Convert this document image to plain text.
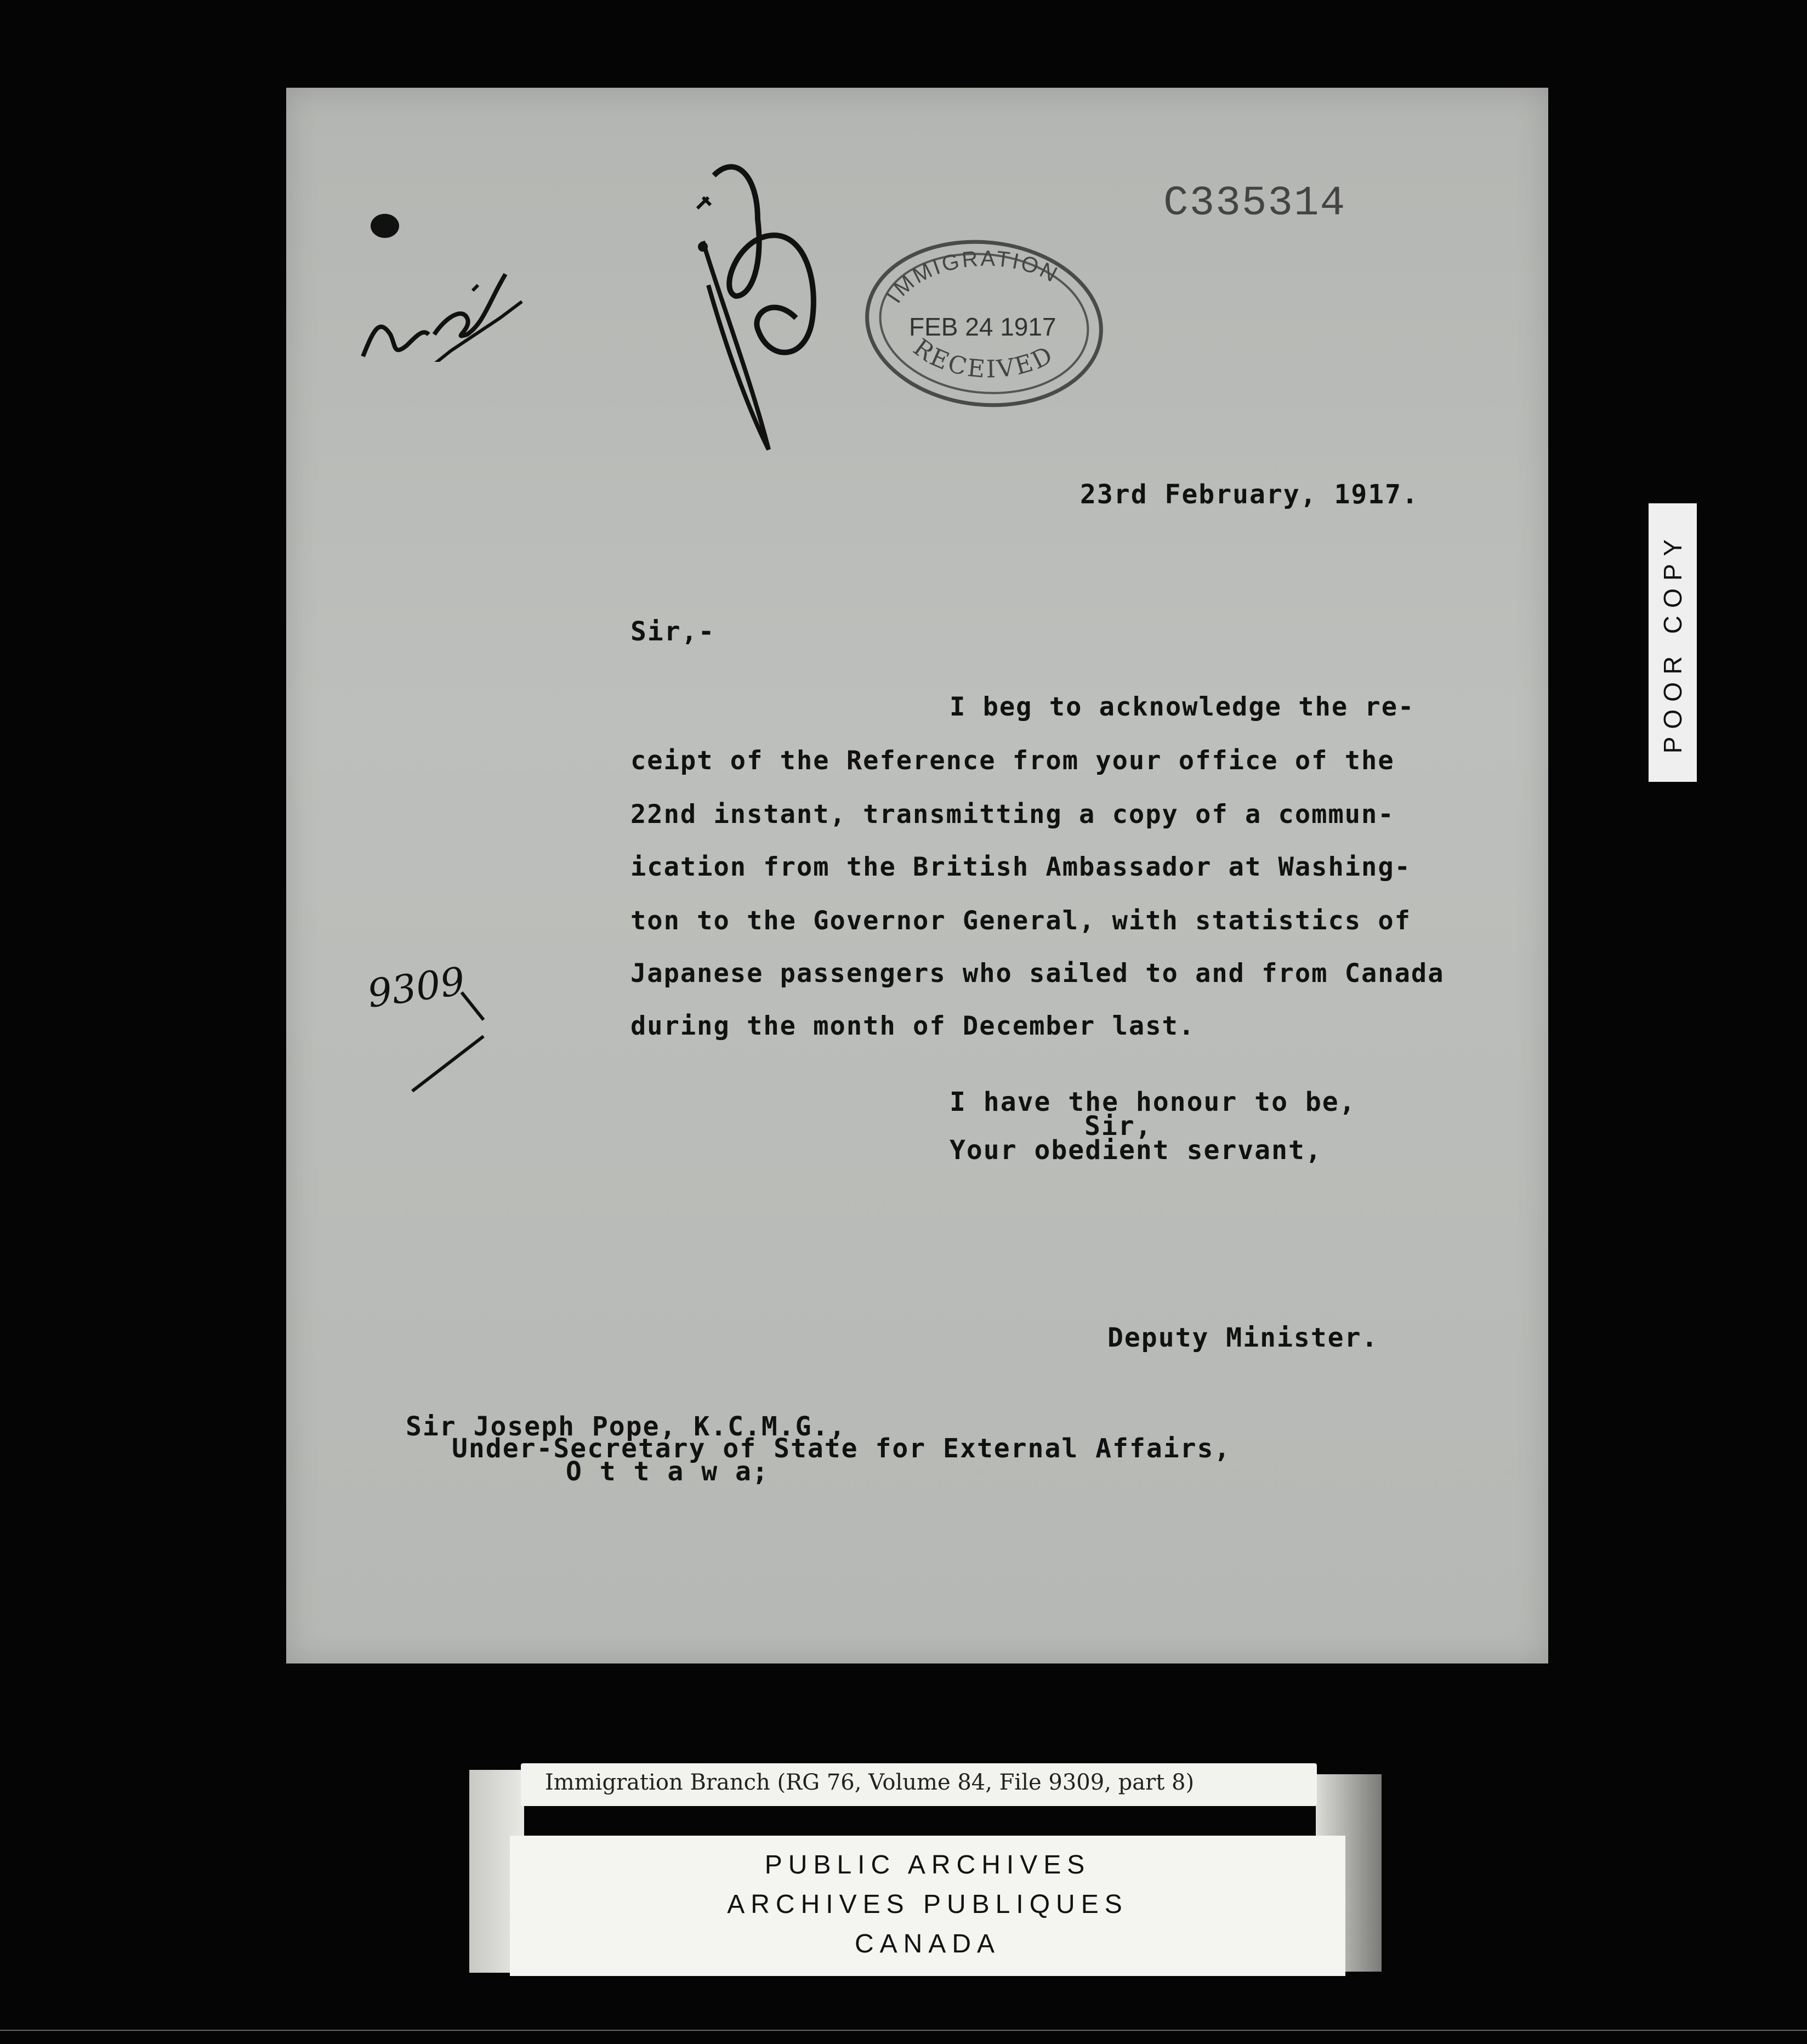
C335314
IMMIGRATION
FEB 24 1917
RECEIVED
23rd February, 1917.
Sir,-
I beg to acknowledge the re-
ceipt of the Reference from your office of the
22nd instant, transmitting a copy of a commun-
ication from the British Ambassador at Washing-
ton to the Governor General, with statistics of
Japanese passengers who sailed to and from Canada
during the month of December last.
I have the honour to be,
Sir,
Your obedient servant,
Deputy Minister.
Sir Joseph Pope, K.C.M.G.,
Under-Secretary of State for External Affairs,
O t t a w a;
9309
POOR COPY
Immigration Branch (RG 76, Volume 84, File 9309, part 8)
PUBLIC ARCHIVES
ARCHIVES PUBLIQUES
CANADA
